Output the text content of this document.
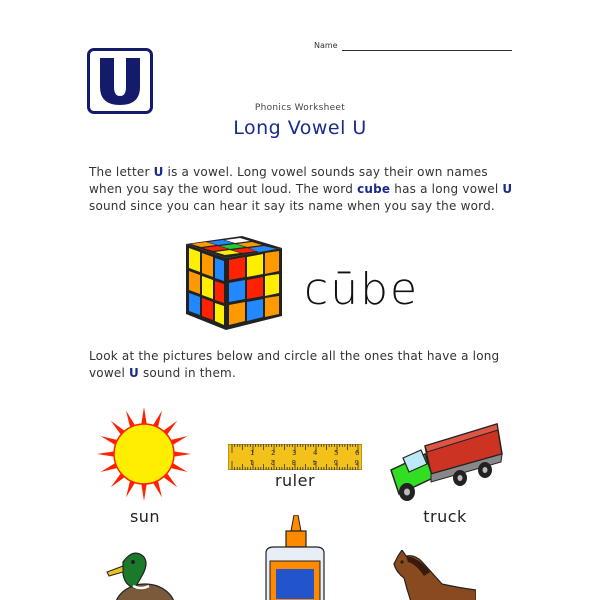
Name
Phonics Worksheet
Long Vowel U
The letter U is a vowel. Long vowel sounds say their own names
when you say the word out loud. The word cube has a long vowel U
sound since you can hear it say its name when you say the word.
cūbe
Look at the pictures below and circle all the ones that have a long
vowel U sound in them.
sun
1
1
2
2
3
3
4
4
5
5
6
6
ruler
truck
